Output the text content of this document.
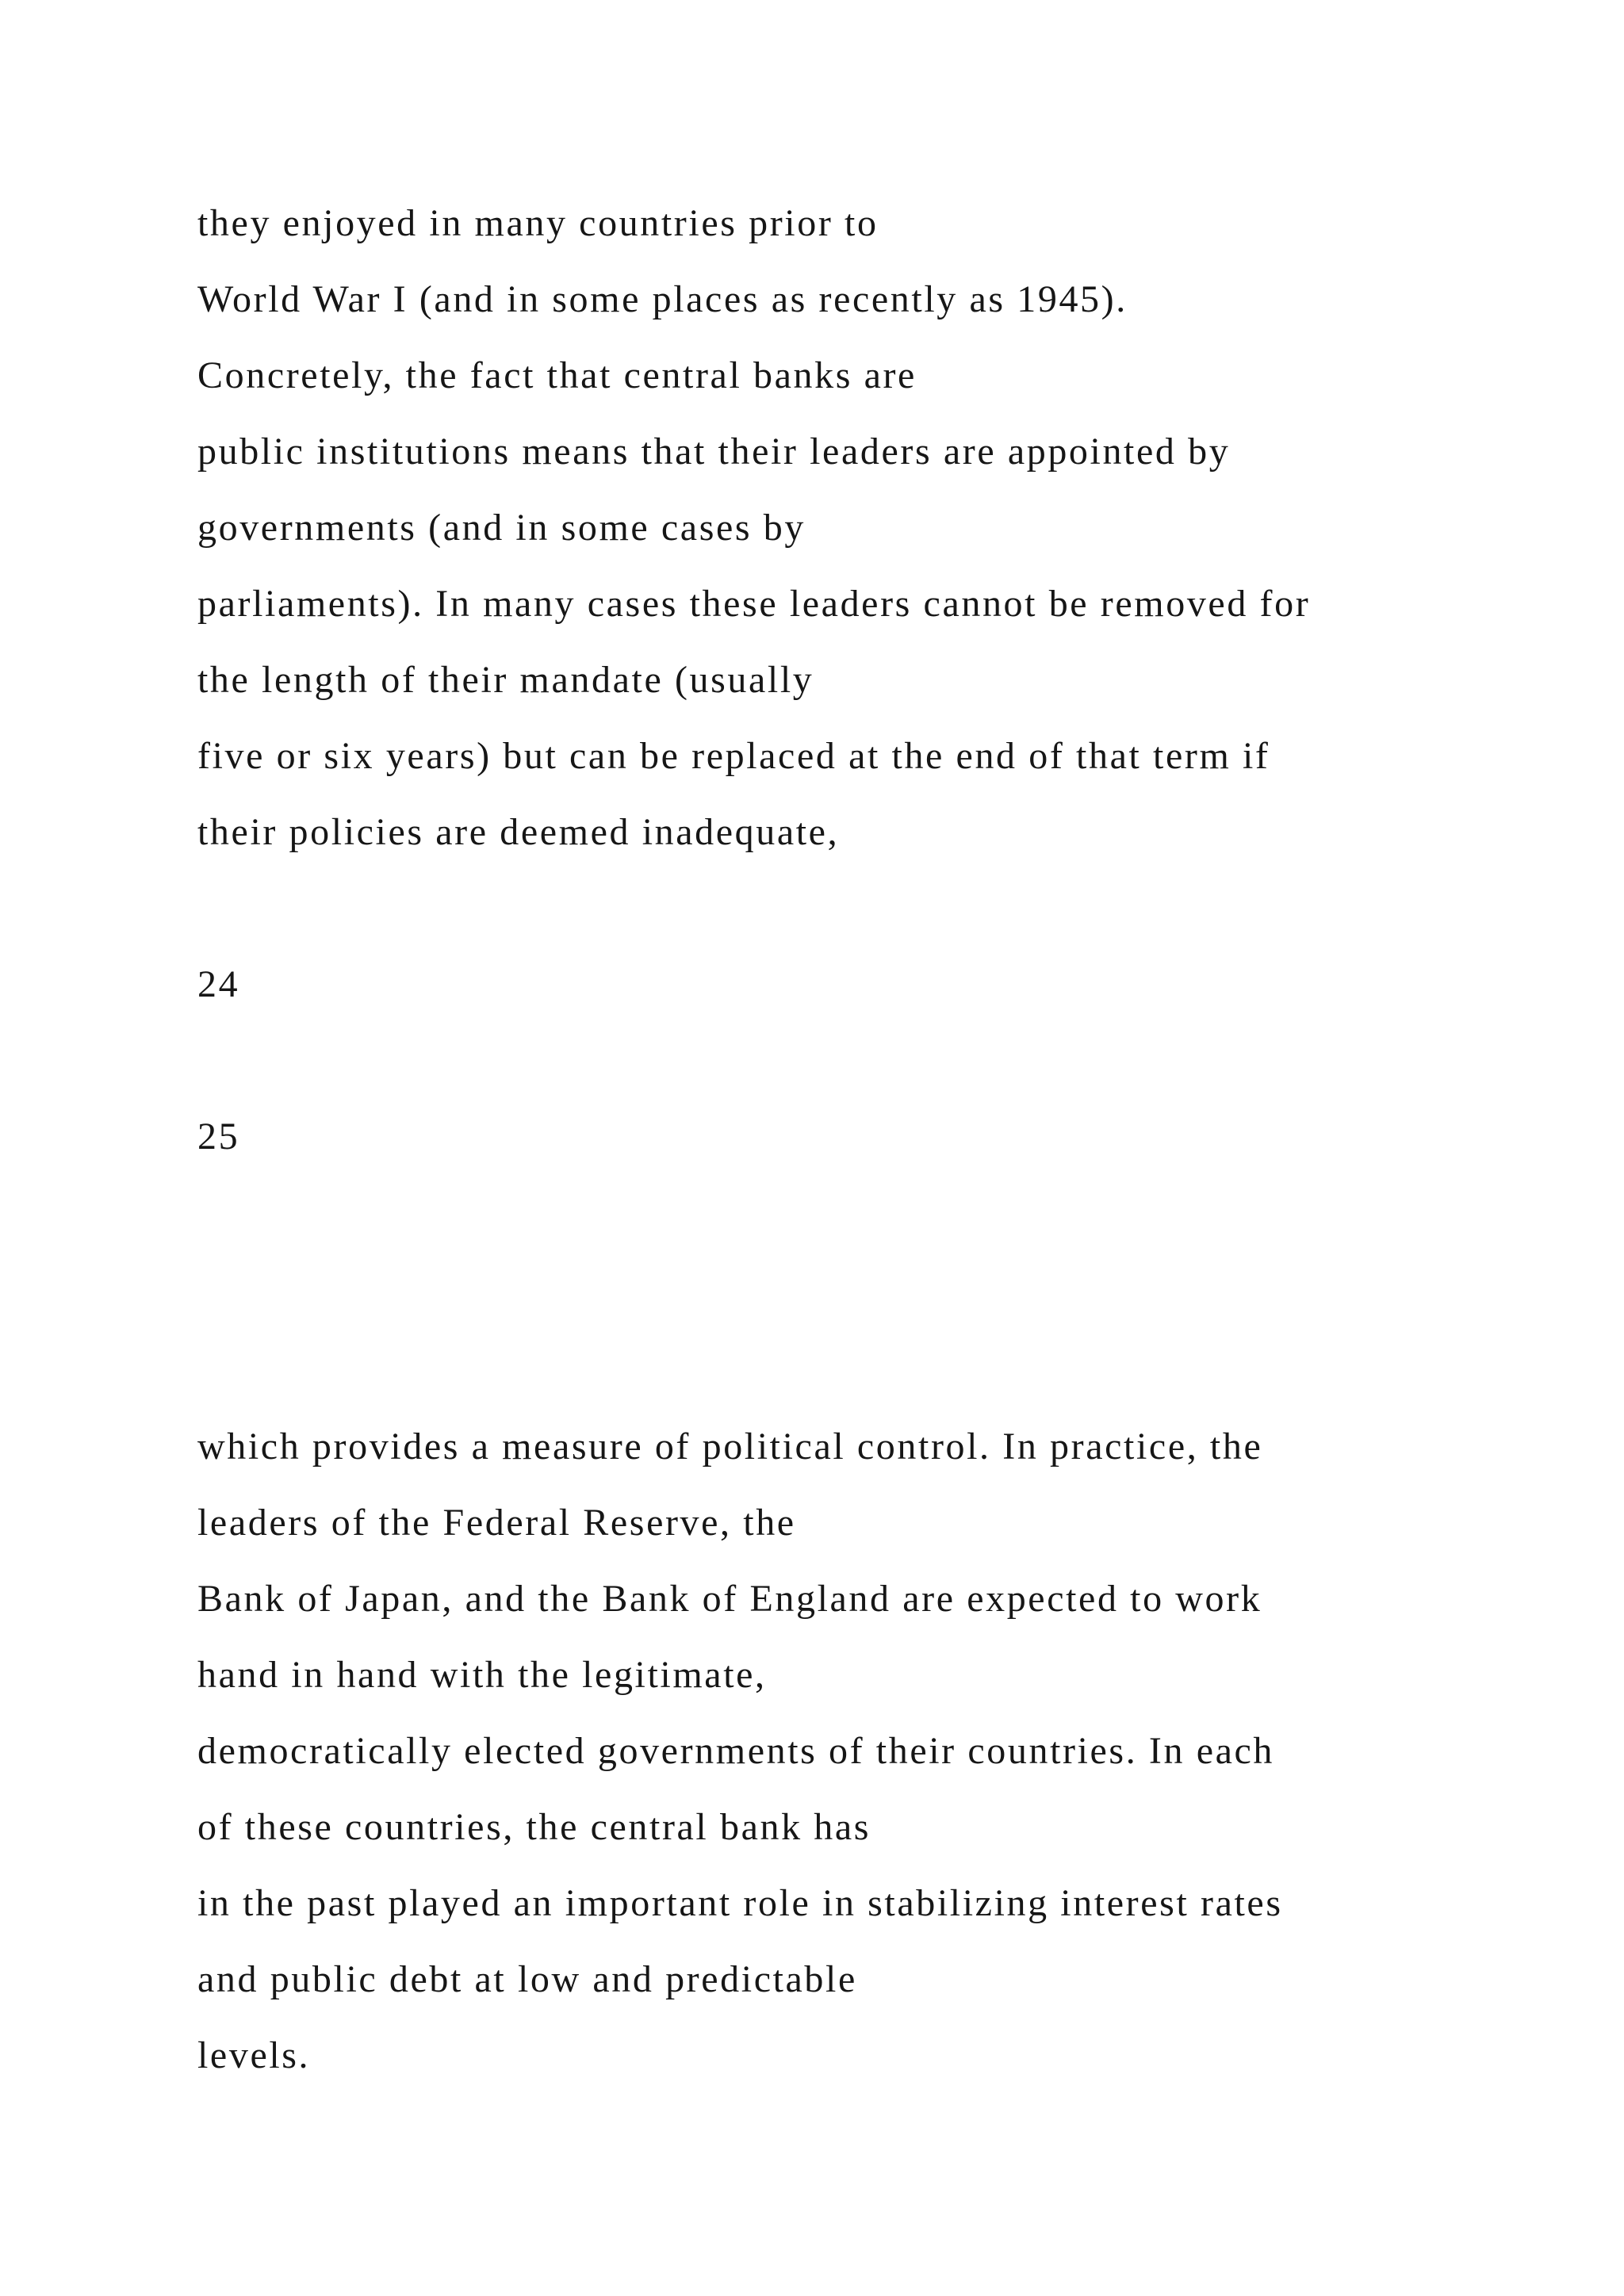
they enjoyed in many countries prior to

World War I (and in some places as recently as 1945).

Concretely, the fact that central banks are

public institutions means that their leaders are appointed by

governments (and in some cases by

parliaments). In many cases these leaders cannot be removed for

the length of their mandate (usually

five or six years) but can be replaced at the end of that term if

their policies are deemed inadequate,

24

25

which provides a measure of political control. In practice, the

leaders of the Federal Reserve, the

Bank of Japan, and the Bank of England are expected to work

hand in hand with the legitimate,

democratically elected governments of their countries. In each

of these countries, the central bank has

in the past played an important role in stabilizing interest rates

and public debt at low and predictable

levels.
